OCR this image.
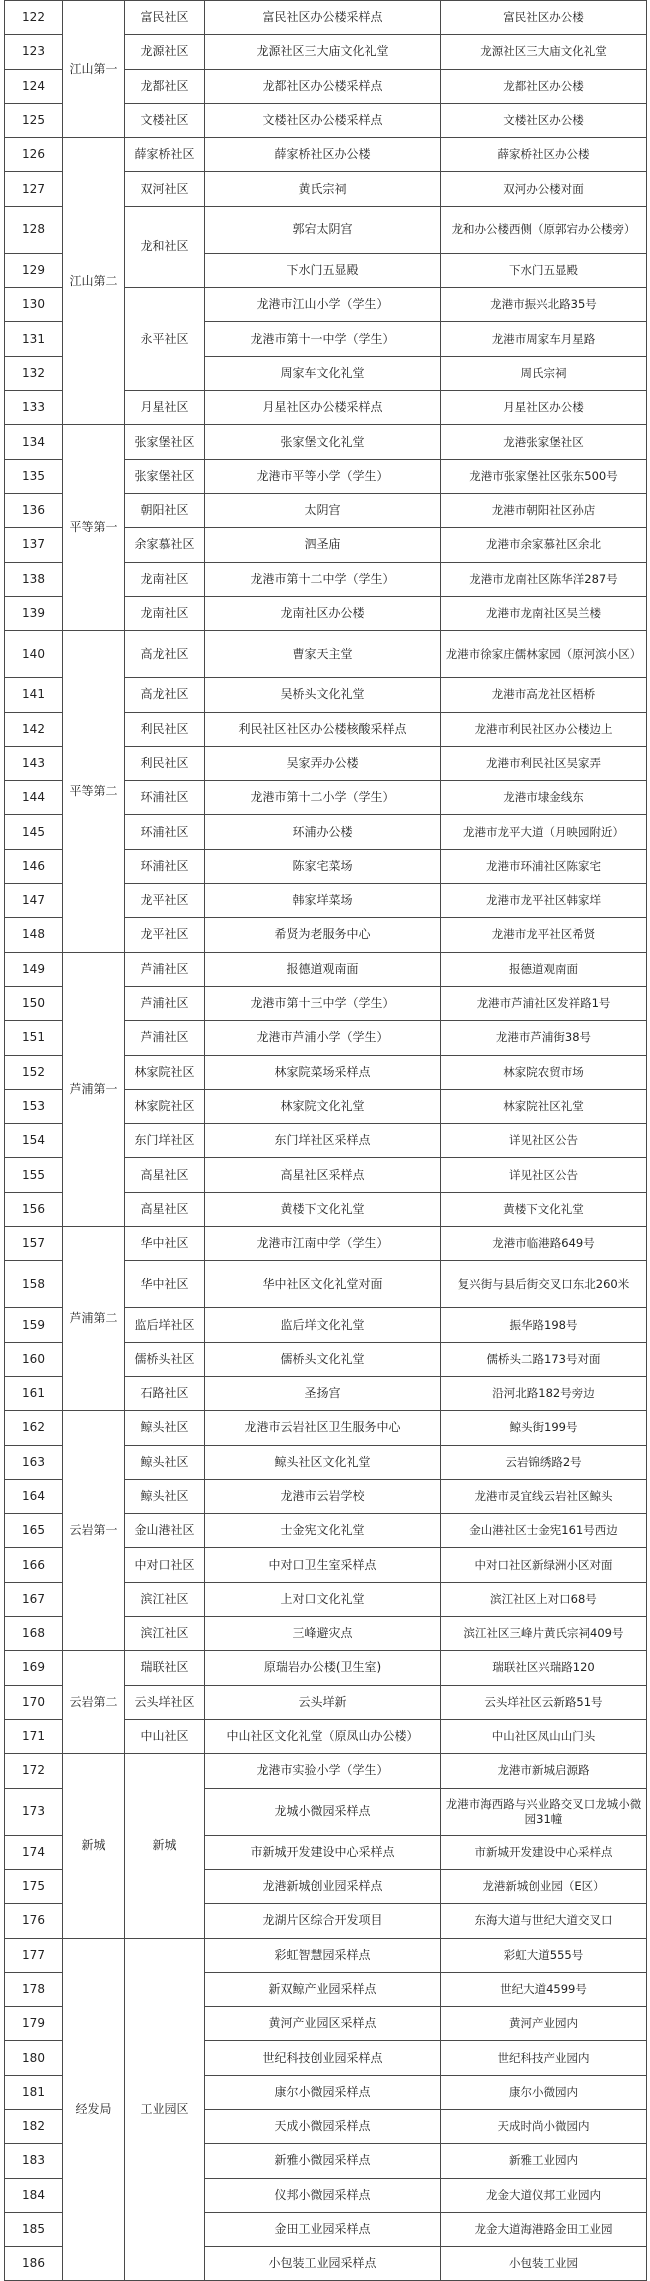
122	江山第一	富民社区	富民社区办公楼采样点	富民社区办公楼
123		龙源社区	龙源社区三大庙文化礼堂	龙源社区三大庙文化礼堂
124		龙都社区	龙都社区办公楼采样点	龙都社区办公楼
125		文楼社区	文楼社区办公楼采样点	文楼社区办公楼
126	江山第二	薛家桥社区	薛家桥社区办公楼	薛家桥社区办公楼
127		双河社区	黄氏宗祠	双河办公楼对面
128		龙和社区	郭宕太阴宫	龙和办公楼西侧（原郭宕办公楼旁）
129			下水门五显殿	下水门五显殿
130		永平社区	龙港市江山小学（学生）	龙港市振兴北路35号
131			龙港市第十一中学（学生）	龙港市周家车月星路
132			周家车文化礼堂	周氏宗祠
133		月星社区	月星社区办公楼采样点	月星社区办公楼
134	平等第一	张家堡社区	张家堡文化礼堂	龙港张家堡社区
135		张家堡社区	龙港市平等小学（学生）	龙港市张家堡社区张东500号
136		朝阳社区	太阴宫	龙港市朝阳社区孙店
137		余家慕社区	泗圣庙	龙港市余家慕社区余北
138		龙南社区	龙港市第十二中学（学生）	龙港市龙南社区陈华洋287号
139		龙南社区	龙南社区办公楼	龙港市龙南社区吴兰楼
140	平等第二	高龙社区	曹家天主堂	龙港市徐家庄儒林家园（原河滨小区）
141		高龙社区	吴桥头文化礼堂	龙港市高龙社区梧桥
142		利民社区	利民社区社区办公楼核酸采样点	龙港市利民社区办公楼边上
143		利民社区	吴家弄办公楼	龙港市利民社区吴家弄
144		环浦社区	龙港市第十二小学（学生）	龙港市埭金线东
145		环浦社区	环浦办公楼	龙港市龙平大道（月映园附近）
146		环浦社区	陈家宅菜场	龙港市环浦社区陈家宅
147		龙平社区	韩家垟菜场	龙港市龙平社区韩家垟
148		龙平社区	希贤为老服务中心	龙港市龙平社区希贤
149	芦浦第一	芦浦社区	报德道观南面	报德道观南面
150		芦浦社区	龙港市第十三中学（学生）	龙港市芦浦社区发祥路1号
151		芦浦社区	龙港市芦浦小学（学生）	龙港市芦浦街38号
152		林家院社区	林家院菜场采样点	林家院农贸市场
153		林家院社区	林家院文化礼堂	林家院社区礼堂
154		东门垟社区	东门垟社区采样点	详见社区公告
155		高星社区	高星社区采样点	详见社区公告
156		高星社区	黄楼下文化礼堂	黄楼下文化礼堂
157	芦浦第二	华中社区	龙港市江南中学（学生）	龙港市临港路649号
158		华中社区	华中社区文化礼堂对面	复兴街与县后街交叉口东北260米
159		监后垟社区	监后垟文化礼堂	振华路198号
160		儒桥头社区	儒桥头文化礼堂	儒桥头二路173号对面
161		石路社区	圣扬宫	沿河北路182号旁边
162	云岩第一	鲸头社区	龙港市云岩社区卫生服务中心	鲸头街199号
163		鲸头社区	鲸头社区文化礼堂	云岩锦绣路2号
164		鲸头社区	龙港市云岩学校	龙港市灵宜线云岩社区鲸头
165		金山港社区	士金宪文化礼堂	金山港社区士金宪161号西边
166		中对口社区	中对口卫生室采样点	中对口社区新绿洲小区对面
167		滨江社区	上对口文化礼堂	滨江社区上对口68号
168		滨江社区	三峰避灾点	滨江社区三峰片黄氏宗祠409号
169	云岩第二	瑞联社区	原瑞岩办公楼(卫生室)	瑞联社区兴瑞路120
170		云头垟社区	云头垟新	云头垟社区云新路51号
171		中山社区	中山社区文化礼堂（原凤山办公楼）	中山社区凤山山门头
172	新城	新城	龙港市实验小学（学生）	龙港市新城启源路
173			龙城小微园采样点	龙港市海西路与兴业路交叉口龙城小微园31幢
174			市新城开发建设中心采样点	市新城开发建设中心采样点
175			龙港新城创业园采样点	龙港新城创业园（E区）
176			龙湖片区综合开发项目	东海大道与世纪大道交叉口
177	经发局	工业园区	彩虹智慧园采样点	彩虹大道555号
178			新双鲸产业园采样点	世纪大道4599号
179			黄河产业园区采样点	黄河产业园内
180			世纪科技创业园采样点	世纪科技产业园内
181			康尔小微园采样点	康尔小微园内
182			天成小微园采样点	天成时尚小微园内
183			新雅小微园采样点	新雅工业园内
184			仪邦小微园采样点	龙金大道仪邦工业园内
185			金田工业园采样点	龙金大道海港路金田工业园
186			小包装工业园采样点	小包装工业园
